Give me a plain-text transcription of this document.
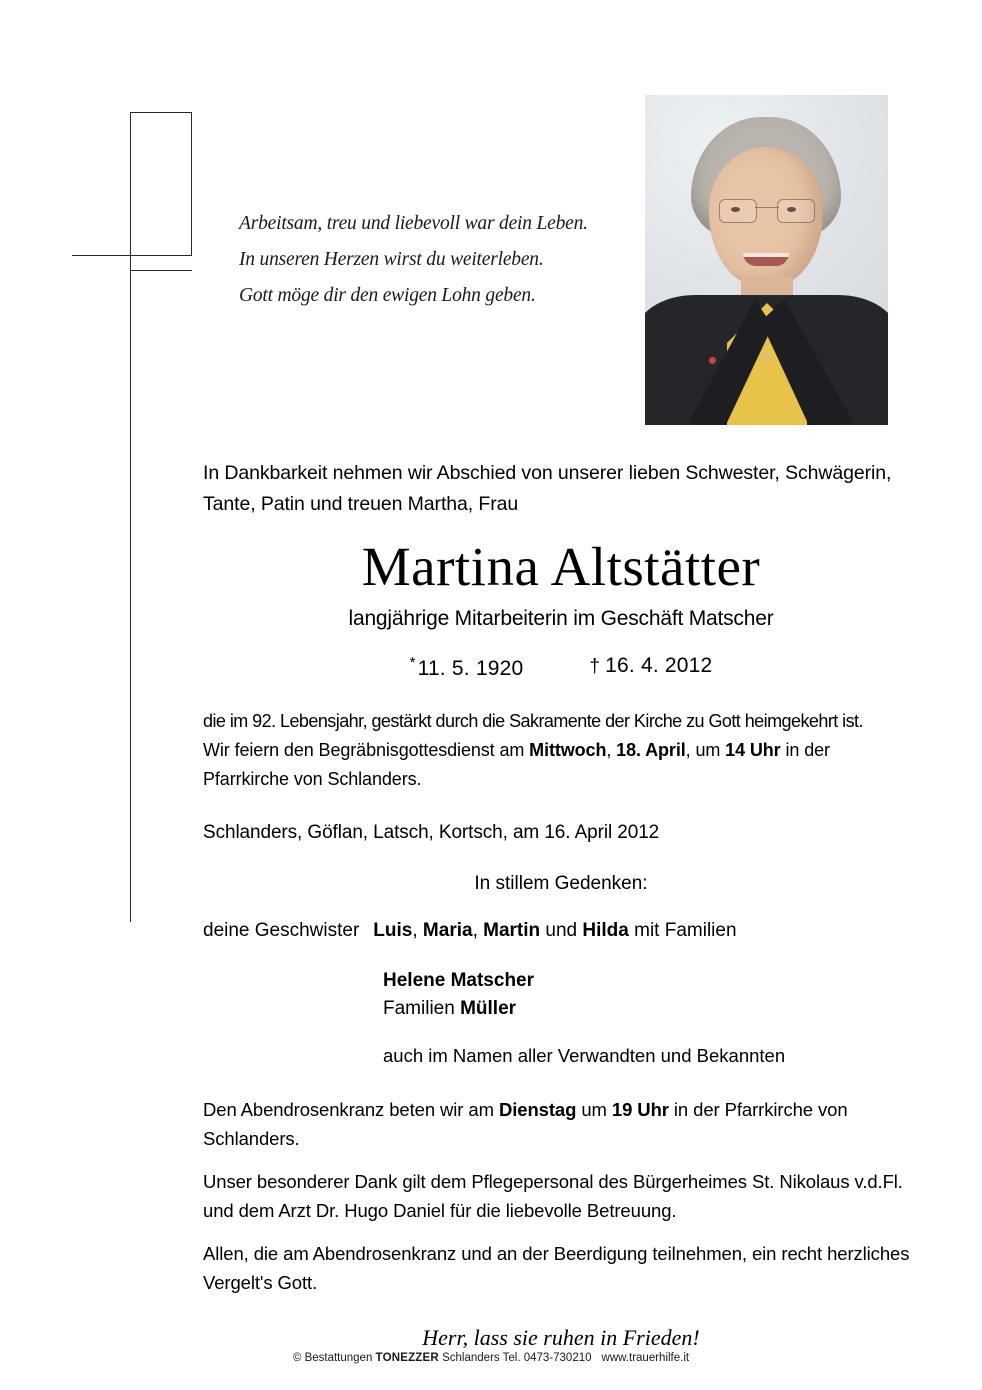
Arbeitsam, treu und liebevoll war dein Leben.
In unseren Herzen wirst du weiterleben.
Gott möge dir den ewigen Lohn geben.
In Dankbarkeit nehmen wir Abschied von unserer lieben Schwester, Schwägerin, Tante, Patin und treuen Martha, Frau
Martina Altstätter
langjährige Mitarbeiterin im Geschäft Matscher
*11. 5. 1920	† 16. 4. 2012
die im 92. Lebensjahr, gestärkt durch die Sakramente der Kirche zu Gott heimgekehrt ist.
Wir feiern den Begräbnisgottesdienst am Mittwoch, 18. April, um 14 Uhr in der Pfarrkirche von Schlanders.
Schlanders, Göflan, Latsch, Kortsch, am 16. April 2012
In stillem Gedenken:
deine Geschwister Luis, Maria, Martin und Hilda mit Familien
Helene Matscher
Familien Müller
auch im Namen aller Verwandten und Bekannten
Den Abendrosenkranz beten wir am Dienstag um 19 Uhr in der Pfarrkirche von Schlanders.
Unser besonderer Dank gilt dem Pflegepersonal des Bürgerheimes St. Nikolaus v.d.Fl. und dem Arzt Dr. Hugo Daniel für die liebevolle Betreuung.
Allen, die am Abendrosenkranz und an der Beerdigung teilnehmen, ein recht herzliches Vergelt's Gott.
Herr, lass sie ruhen in Frieden!
© Bestattungen TONEZZER Schlanders Tel. 0473-730210 www.trauerhilfe.it
